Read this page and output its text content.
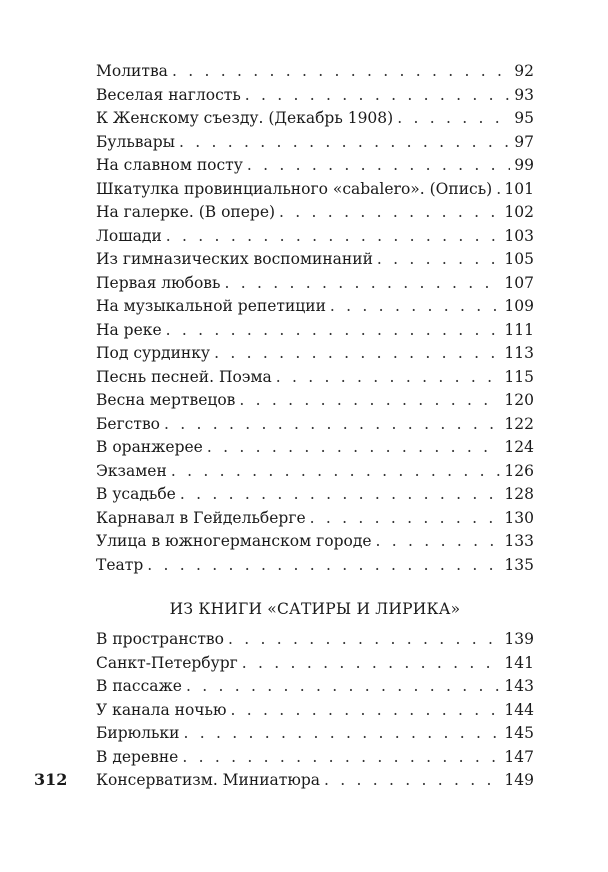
Молитва . . .	92
Веселая наглость . . .	93
К Женскому съезду. (Декабрь 1908) . . .	95
Бульвары . . .	97
На славном посту . . .	99
Шкатулка провинциального «cabalero». (Опись) . . . 101
На галерке. (В опере) . . .	102
Лошади . . .	103
Из гимназических воспоминаний . . .	105
Первая любовь . . .	107
На музыкальной репетиции . . .	109
На реке . . .	111
Под сурдинку . . .	113
Песнь песней. Поэма . . .	115
Весна мертвецов . . .	120
Бегство . . .	122
В оранжерее . . .	124
Экзамен . . .	126
В усадьбе . . .	128
Карнавал в Гейдельберге . . .	130
Улица в южногерманском городе . . .	133
Театр . . .	135
ИЗ КНИГИ «САТИРЫ И ЛИРИКА»
В пространство . . .	139
Санкт-Петербург . . .	141
В пассаже . . .	143
У канала ночью . . .	144
Бирюльки . . .	145
В деревне . . .	147
Консерватизм. Миниатюра . . .	149
312
